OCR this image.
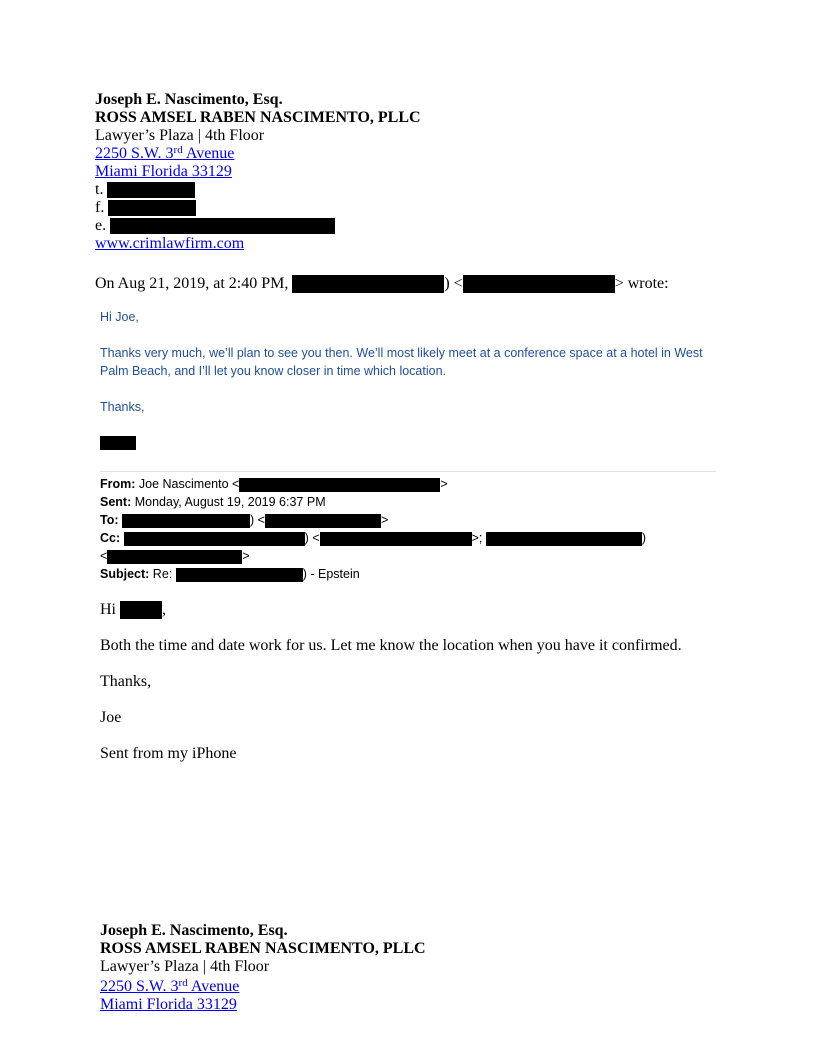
Joseph E. Nascimento, Esq.
ROSS AMSEL RABEN NASCIMENTO, PLLC
Lawyer’s Plaza | 4th Floor
2250 S.W. 3rd Avenue
Miami Florida 33129
t.
f.
e.
www.crimlawfirm.com
On Aug 21, 2019, at 2:40 PM,	) <	> wrote:
Hi Joe,
Thanks very much, we’ll plan to see you then. We’ll most likely meet at a conference space at a hotel in West Palm Beach, and I’ll let you know closer in time which location.
Thanks,
From: Joe Nascimento <	>
Sent: Monday, August 19, 2019 6:37 PM
To:	) <	>
Cc:	) <	>;	)
<	>
Subject: Re:	) - Epstein
Hi	,
Both the time and date work for us. Let me know the location when you have it confirmed.
Thanks,
Joe
Sent from my iPhone
Joseph E. Nascimento, Esq.
ROSS AMSEL RABEN NASCIMENTO, PLLC
Lawyer’s Plaza | 4th Floor
2250 S.W. 3rd Avenue
Miami Florida 33129
